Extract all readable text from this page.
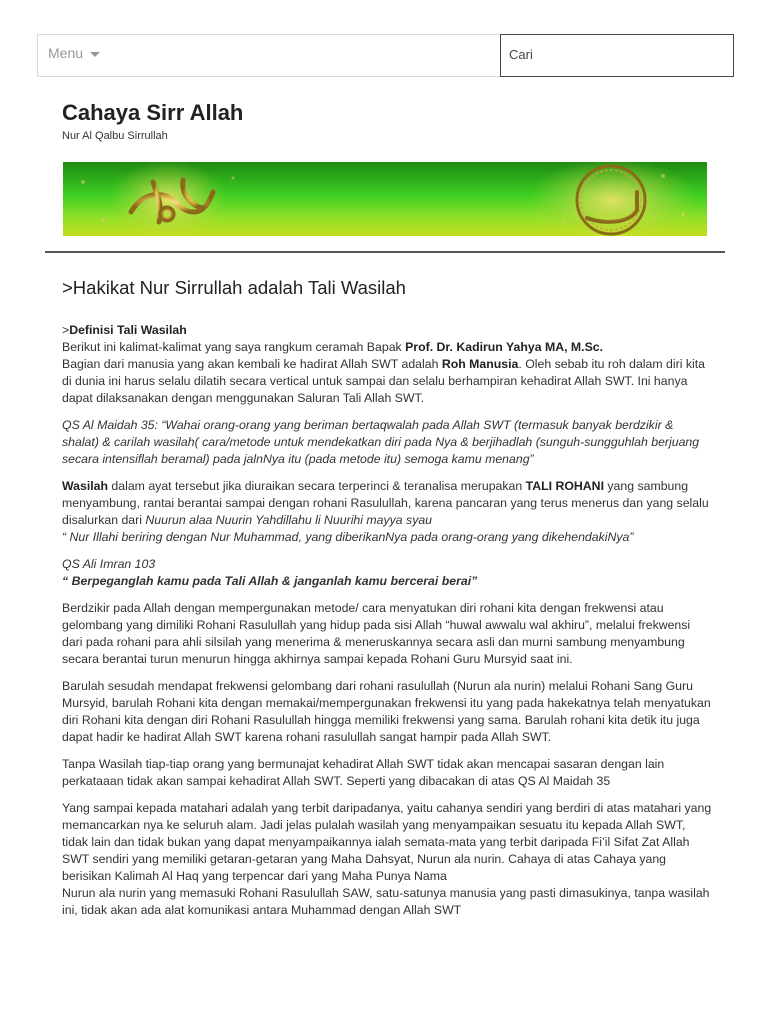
Menu
Cari
Cahaya Sirr Allah
Nur Al Qalbu Sirrullah
>Hakikat Nur Sirrullah adalah Tali Wasilah

>Definisi Tali Wasilah
Berikut ini kalimat-kalimat yang saya rangkum ceramah Bapak Prof. Dr. Kadirun Yahya MA, M.Sc.
Bagian dari manusia yang akan kembali ke hadirat Allah SWT adalah Roh Manusia. Oleh sebab itu roh dalam diri kita di dunia ini harus selalu dilatih secara vertical untuk sampai dan selalu berhampiran kehadirat Allah SWT. Ini hanya dapat dilaksanakan dengan menggunakan Saluran Tali Allah SWT.

QS Al Maidah 35: “Wahai orang-orang yang beriman bertaqwalah pada Allah SWT (termasuk banyak berdzikir & shalat) & carilah wasilah( cara/metode untuk mendekatkan diri pada Nya & berjihadlah (sunguh-sungguhlah berjuang secara intensiflah beramal) pada jalnNya itu (pada metode itu) semoga kamu menang”

Wasilah dalam ayat tersebut jika diuraikan secara terperinci & teranalisa merupakan TALI ROHANI yang sambung menyambung, rantai berantai sampai dengan rohani Rasulullah, karena pancaran yang terus menerus dan yang selalu disalurkan dari Nuurun alaa Nuurin Yahdillahu li Nuurihi mayya syau
“ Nur Illahi beriring dengan Nur Muhammad, yang diberikanNya pada orang-orang yang dikehendakiNya”

QS Ali Imran 103
“ Berpeganglah kamu pada Tali Allah & janganlah kamu bercerai berai”

Berdzikir pada Allah dengan mempergunakan metode/ cara menyatukan diri rohani kita dengan frekwensi atau gelombang yang dimiliki Rohani Rasulullah yang hidup pada sisi Allah “huwal awwalu wal akhiru”, melalui frekwensi dari pada rohani para ahli silsilah yang menerima & meneruskannya secara asli dan murni sambung menyambung secara berantai turun menurun hingga akhirnya sampai kepada Rohani Guru Mursyid saat ini.

Barulah sesudah mendapat frekwensi gelombang dari rohani rasulullah (Nurun ala nurin) melalui Rohani Sang Guru Mursyid, barulah Rohani kita dengan memakai/mempergunakan frekwensi itu yang pada hakekatnya telah menyatukan diri Rohani kita dengan diri Rohani Rasulullah hingga memiliki frekwensi yang sama. Barulah rohani kita detik itu juga dapat hadir ke hadirat Allah SWT karena rohani rasulullah sangat hampir pada Allah SWT.

Tanpa Wasilah tiap-tiap orang yang bermunajat kehadirat Allah SWT tidak akan mencapai sasaran dengan lain perkataaan tidak akan sampai kehadirat Allah SWT. Seperti yang dibacakan di atas QS Al Maidah 35

Yang sampai kepada matahari adalah yang terbit daripadanya, yaitu cahanya sendiri yang berdiri di atas matahari yang memancarkan nya ke seluruh alam. Jadi jelas pulalah wasilah yang menyampaikan sesuatu itu kepada Allah SWT, tidak lain dan tidak bukan yang dapat menyampaikannya ialah semata-mata yang terbit daripada Fi’il Sifat Zat Allah SWT sendiri yang memiliki getaran-getaran yang Maha Dahsyat, Nurun ala nurin. Cahaya di atas Cahaya yang berisikan Kalimah Al Haq yang terpencar dari yang Maha Punya Nama
Nurun ala nurin yang memasuki Rohani Rasulullah SAW, satu-satunya manusia yang pasti dimasukinya, tanpa wasilah ini, tidak akan ada alat komunikasi antara Muhammad dengan Allah SWT
